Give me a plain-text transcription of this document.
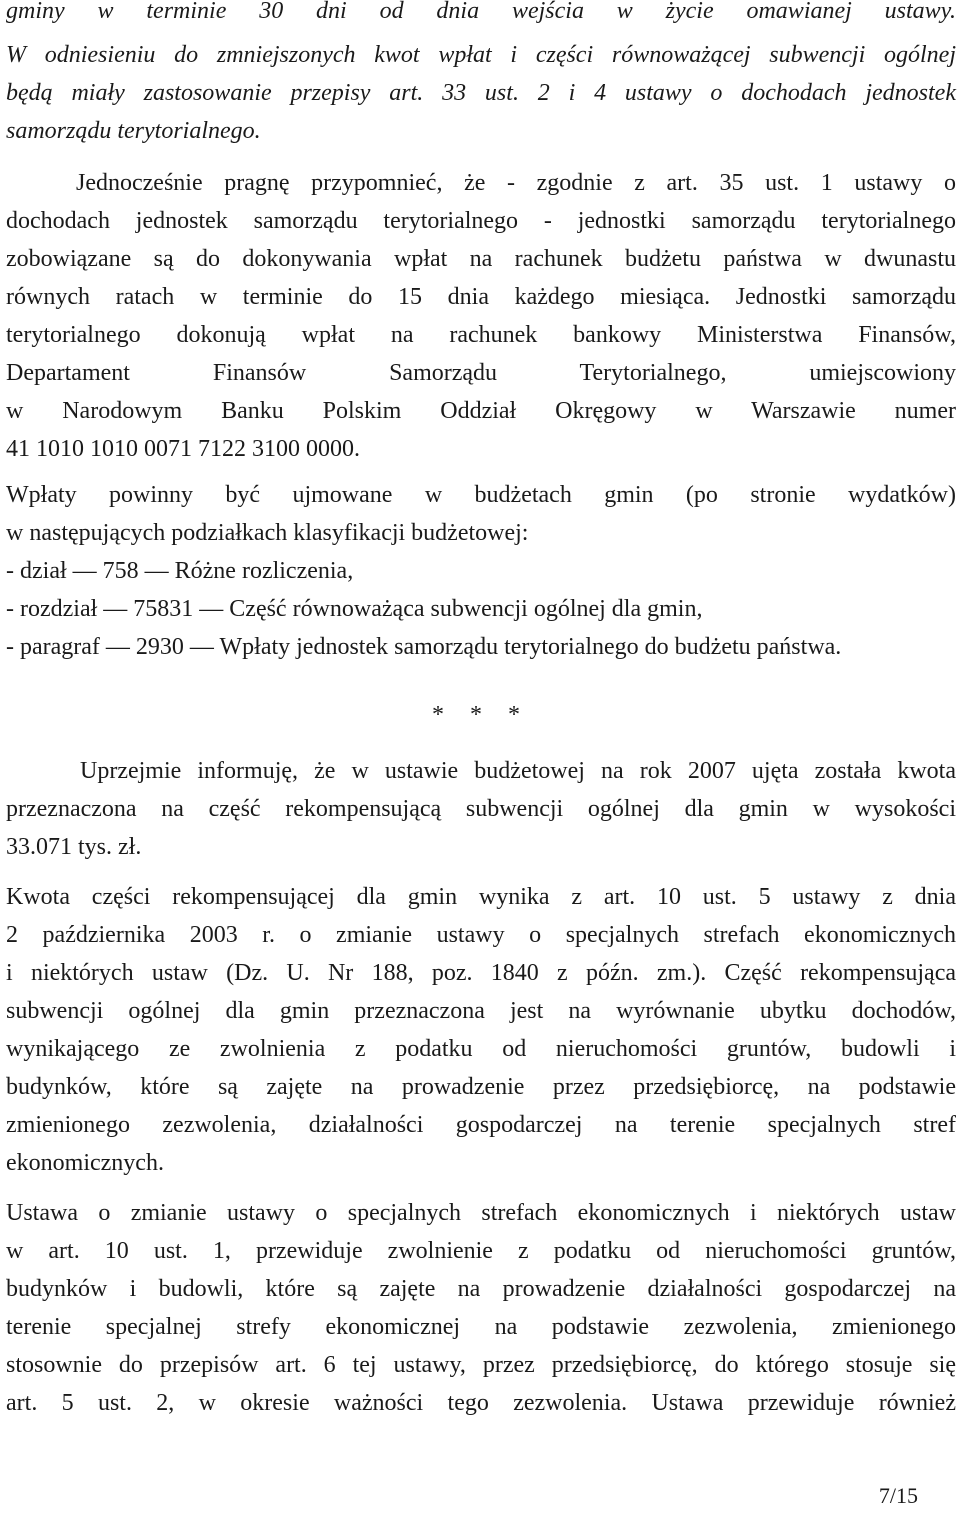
gminy w terminie 30 dni od dnia wejścia w życie omawianej ustawy.
W odniesieniu do zmniejszonych kwot wpłat i części równoważącej subwencji ogólnej
będą miały zastosowanie przepisy art. 33 ust. 2 i 4 ustawy o dochodach jednostek
samorządu terytorialnego.
Jednocześnie pragnę przypomnieć, że - zgodnie z art. 35 ust. 1 ustawy o
dochodach jednostek samorządu terytorialnego - jednostki samorządu terytorialnego
zobowiązane są do dokonywania wpłat na rachunek budżetu państwa w dwunastu
równych ratach w terminie do 15 dnia każdego miesiąca. Jednostki samorządu
terytorialnego dokonują wpłat na rachunek bankowy Ministerstwa Finansów,
Departament Finansów Samorządu Terytorialnego, umiejscowiony
w Narodowym Banku Polskim Oddział Okręgowy w Warszawie numer
41 1010 1010 0071 7122 3100 0000.
Wpłaty powinny być ujmowane w budżetach gmin (po stronie wydatków)
w następujących podziałkach klasyfikacji budżetowej:
- dział — 758 — Różne rozliczenia,
- rozdział — 75831 — Część równoważąca subwencji ogólnej dla gmin,
- paragraf — 2930 — Wpłaty jednostek samorządu terytorialnego do budżetu państwa.
* * *
Uprzejmie informuję, że w ustawie budżetowej na rok 2007 ujęta została kwota
przeznaczona na część rekompensującą subwencji ogólnej dla gmin w wysokości
33.071 tys. zł.
Kwota części rekompensującej dla gmin wynika z art. 10 ust. 5 ustawy z dnia
2 października 2003 r. o zmianie ustawy o specjalnych strefach ekonomicznych
i niektórych ustaw (Dz. U. Nr 188, poz. 1840 z późn. zm.). Część rekompensująca
subwencji ogólnej dla gmin przeznaczona jest na wyrównanie ubytku dochodów,
wynikającego ze zwolnienia z podatku od nieruchomości gruntów, budowli i
budynków, które są zajęte na prowadzenie przez przedsiębiorcę, na podstawie
zmienionego zezwolenia, działalności gospodarczej na terenie specjalnych stref
ekonomicznych.
Ustawa o zmianie ustawy o specjalnych strefach ekonomicznych i niektórych ustaw
w art. 10 ust. 1, przewiduje zwolnienie z podatku od nieruchomości gruntów,
budynków i budowli, które są zajęte na prowadzenie działalności gospodarczej na
terenie specjalnej strefy ekonomicznej na podstawie zezwolenia, zmienionego
stosownie do przepisów art. 6 tej ustawy, przez przedsiębiorcę, do którego stosuje się
art. 5 ust. 2, w okresie ważności tego zezwolenia. Ustawa przewiduje również
7/15
